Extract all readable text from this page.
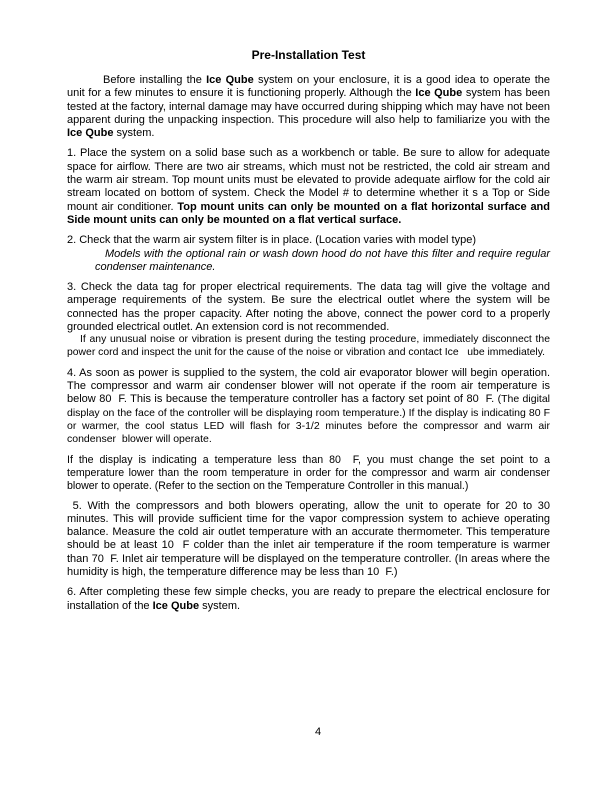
Pre-Installation Test

Before installing the Ice Qube system on your enclosure, it is a good idea to operate the unit for a few minutes to ensure it is functioning properly. Although the Ice Qube system has been tested at the factory, internal damage may have occurred during shipping which may have not been apparent during the unpacking inspection. This procedure will also help to familiarize you with the Ice Qube system.

1. Place the system on a solid base such as a workbench or table. Be sure to allow for adequate space for airflow. There are two air streams, which must not be restricted, the cold air stream and the warm air stream. Top mount units must be elevated to provide adequate airflow for the cold air stream located on bottom of system. Check the Model # to determine whether it s a Top or Side mount air conditioner. Top mount units can only be mounted on a flat horizontal surface and Side mount units can only be mounted on a flat vertical surface.

2. Check that the warm air system filter is in place. (Location varies with model type)

Models with the optional rain or wash down hood do not have this filter and require regular condenser maintenance.

3. Check the data tag for proper electrical requirements. The data tag will give the voltage and amperage requirements of the system. Be sure the electrical outlet where the system will be connected has the proper capacity. After noting the above, connect the power cord to a properly grounded electrical outlet. An extension cord is not recommended.

If any unusual noise or vibration is present during the testing procedure, immediately disconnect the power cord and inspect the unit for the cause of the noise or vibration and contact Ice   ube immediately.

4. As soon as power is supplied to the system, the cold air evaporator blower will begin operation. The compressor and warm air condenser blower will not operate if the room air temperature is below 80  F. This is because the temperature controller has a factory set point of 80  F. (The digital display on the face of the controller will be displaying room temperature.) If the display is indicating 80 F or warmer, the cool status LED will flash for 3-1/2 minutes before the compressor and warm air condenser  blower will operate.

If the display is indicating a temperature less than 80  F, you must change the set point to a temperature lower than the room temperature in order for the compressor and warm air condenser blower to operate. (Refer to the section on the Temperature Controller in this manual.)

5. With the compressors and both blowers operating, allow the unit to operate for 20 to 30 minutes. This will provide sufficient time for the vapor compression system to achieve operating balance. Measure the cold air outlet temperature with an accurate thermometer. This temperature should be at least 10  F colder than the inlet air temperature if the room temperature is warmer than 70  F. Inlet air temperature will be displayed on the temperature controller. (In areas where the humidity is high, the temperature difference may be less than 10  F.)

6. After completing these few simple checks, you are ready to prepare the electrical enclosure for installation of the Ice Qube system.

4
